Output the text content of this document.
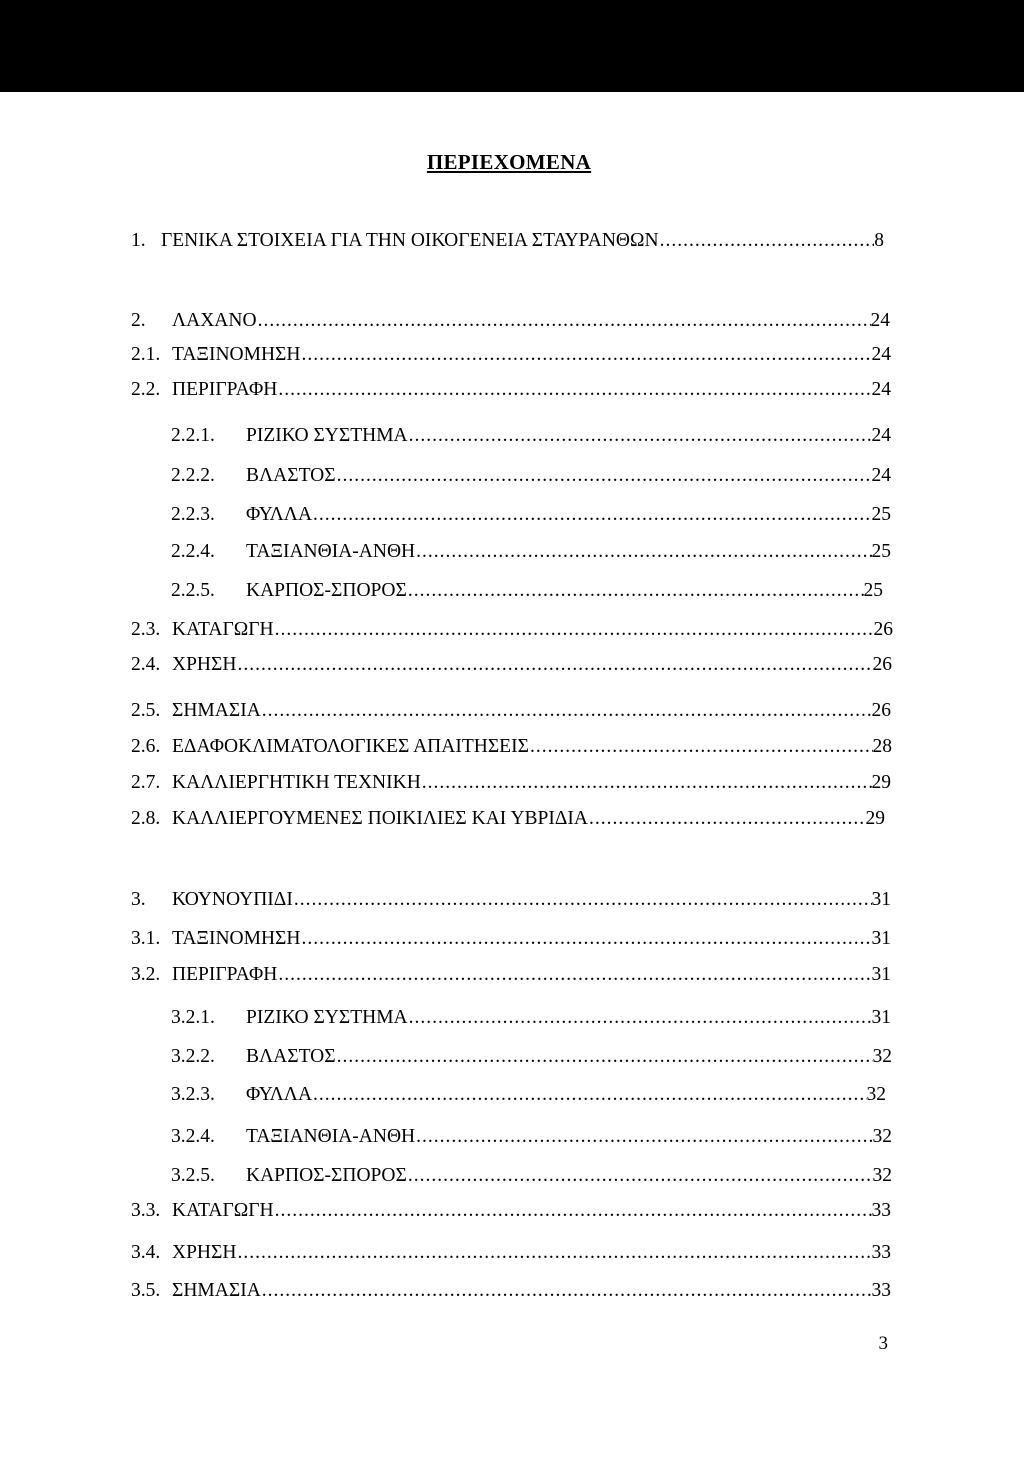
ΠΕΡΙΕΧΟΜΕΝΑ
1. ΓΕΝΙΚΑ ΣΤΟΙΧΕΙΑ ΓΙΑ ΤΗΝ ΟΙΚΟΓΕΝΕΙΑ ΣΤΑΥΡΑΝΘΩΝ .....	8
2. ΛΑΧΑΝΟ .....	24
2.1. ΤΑΞΙΝΟΜΗΣΗ .....	24
2.2. ΠΕΡΙΓΡΑΦΗ .....	24
2.2.1. ΡΙΖΙΚΟ ΣΥΣΤΗΜΑ .....	24
2.2.2. ΒΛΑΣΤΟΣ .....	24
2.2.3. ΦΥΛΛΑ .....	25
2.2.4. ΤΑΞΙΑΝΘΙΑ-ΑΝΘΗ .....	25
2.2.5. ΚΑΡΠΟΣ-ΣΠΟΡΟΣ .....	25
2.3. ΚΑΤΑΓΩΓΗ .....	26
2.4. ΧΡΗΣΗ .....	26
2.5. ΣΗΜΑΣΙΑ .....	26
2.6. ΕΔΑΦΟΚΛΙΜΑΤΟΛΟΓΙΚΕΣ ΑΠΑΙΤΗΣΕΙΣ .....	28
2.7. ΚΑΛΛΙΕΡΓΗΤΙΚΗ ΤΕΧΝΙΚΗ .....	29
2.8. ΚΑΛΛΙΕΡΓΟΥΜΕΝΕΣ ΠΟΙΚΙΛΙΕΣ ΚΑΙ ΥΒΡΙΔΙΑ .....	29
3. ΚΟΥΝΟΥΠΙΔΙ .....	31
3.1. ΤΑΞΙΝΟΜΗΣΗ .....	31
3.2. ΠΕΡΙΓΡΑΦΗ .....	31
3.2.1. ΡΙΖΙΚΟ ΣΥΣΤΗΜΑ .....	31
3.2.2. ΒΛΑΣΤΟΣ .....	32
3.2.3. ΦΥΛΛΑ .....	32
3.2.4. ΤΑΞΙΑΝΘΙΑ-ΑΝΘΗ .....	32
3.2.5. ΚΑΡΠΟΣ-ΣΠΟΡΟΣ .....	32
3.3. ΚΑΤΑΓΩΓΗ .....	33
3.4. ΧΡΗΣΗ .....	33
3.5. ΣΗΜΑΣΙΑ .....	33
3
